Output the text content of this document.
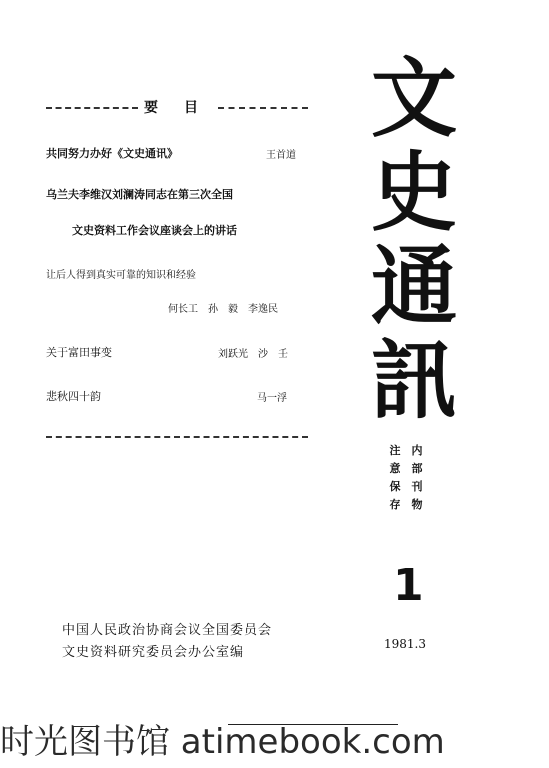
要目
共同努力办好《文史通讯》	王首道
乌兰夫李维汉刘澜涛同志在第三次全国
文史资料工作会议座谈会上的讲话
让后人得到真实可靠的知识和经验
何长工　孙　毅　李逸民
关于富田事变	刘跃光　沙　壬
悲秋四十韵	马一浮
文
史
通
訊
注	内
意	部
保	刊
存	物
1
1981.3
中国人民政治协商会议全国委员会
文史资料研究委员会办公室编
时光图书馆 atimebook.com
